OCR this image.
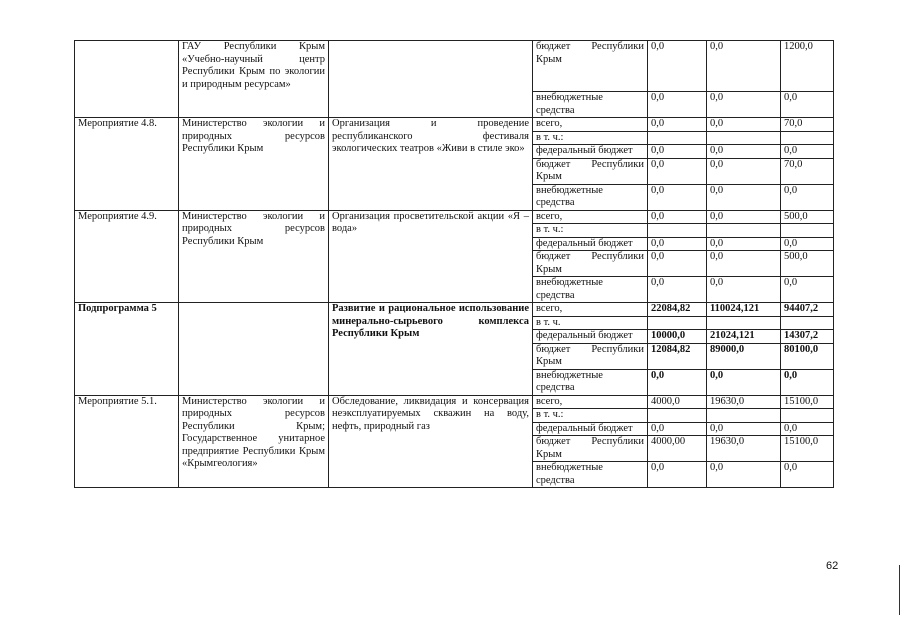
	ГАУ Республики Крым «Учебно-научный центр Республики Крым по экологии и природным ресурсам»		бюджет Республики Крым	0,0	0,0	1200,0
			внебюджетные средства	0,0	0,0	0,0
Мероприятие 4.8.	Министерство экологии и природных ресурсов Республики Крым	Организация и проведение республиканского фестиваля экологических театров «Живи в стиле эко»	всего,	0,0	0,0	70,0
			в т. ч.:			
			федеральный бюджет	0,0	0,0	0,0
			бюджет Республики Крым	0,0	0,0	70,0
			внебюджетные средства	0,0	0,0	0,0
Мероприятие 4.9.	Министерство экологии и природных ресурсов Республики Крым	Организация просветительской акции «Я – вода»	всего,	0,0	0,0	500,0
			в т. ч.:			
			федеральный бюджет	0,0	0,0	0,0
			бюджет Республики Крым	0,0	0,0	500,0
			внебюджетные средства	0,0	0,0	0,0
Подпрограмма 5		Развитие и рациональное использование минерально-сырьевого комплекса Республики Крым	всего,	22084,82	110024,121	94407,2
			в т. ч.			
			федеральный бюджет	10000,0	21024,121	14307,2
			бюджет Республики Крым	12084,82	89000,0	80100,0
			внебюджетные средства	0,0	0,0	0,0
Мероприятие 5.1.	Министерство экологии и природных ресурсов Республики Крым; Государственное унитарное предприятие Республики Крым «Крымгеология»	Обследование, ликвидация и консервация неэксплуатируемых скважин на воду, нефть, природный газ	всего,	4000,0	19630,0	15100,0
			в т. ч.:			
			федеральный бюджет	0,0	0,0	0,0
			бюджет Республики Крым	4000,00	19630,0	15100,0
			внебюджетные средства	0,0	0,0	0,0
62
